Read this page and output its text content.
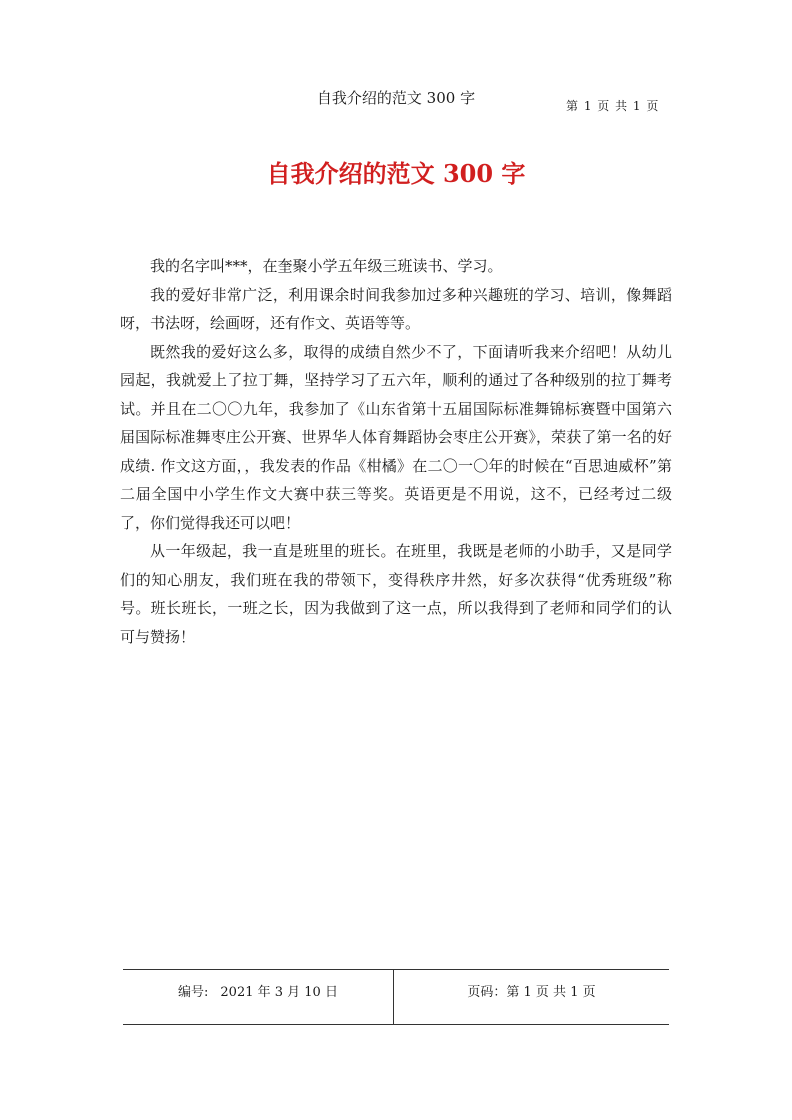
自我介绍的范文 300 字	第 1 页 共 1 页
自我介绍的范文 300 字

我的名字叫***，在奎聚小学五年级三班读书、学习。

我的爱好非常广泛，利用课余时间我参加过多种兴趣班的学习、培训，像舞蹈呀，书法呀，绘画呀，还有作文、英语等等。

既然我的爱好这么多，取得的成绩自然少不了，下面请听我来介绍吧！从幼儿园起，我就爱上了拉丁舞，坚持学习了五六年，顺利的通过了各种级别的拉丁舞考试。并且在二〇〇九年，我参加了《山东省第十五届国际标准舞锦标赛暨中国第六届国际标准舞枣庄公开赛、世界华人体育舞蹈协会枣庄公开赛》，荣获了第一名的好成绩. 作文这方面，，我发表的作品《柑橘》在二〇一〇年的时候在“百思迪威杯”第二届全国中小学生作文大赛中获三等奖。英语更是不用说，这不，已经考过二级了，你们觉得我还可以吧！

从一年级起，我一直是班里的班长。在班里，我既是老师的小助手，又是同学们的知心朋友，我们班在我的带领下，变得秩序井然，好多次获得“优秀班级”称号。班长班长，一班之长，因为我做到了这一点，所以我得到了老师和同学们的认可与赞扬！

编号: 2021 年 3 月 10 日	页码：第 1 页 共 1 页
